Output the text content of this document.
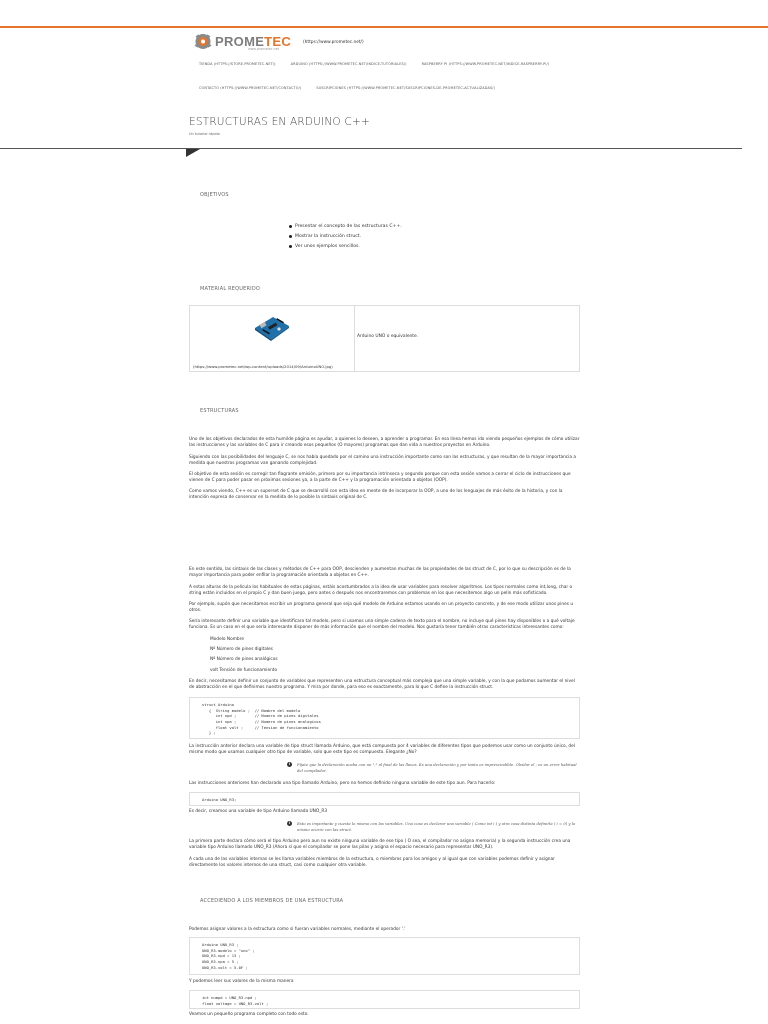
PROMETEC
www.prometec.net
(https://www.prometec.net/)
TIENDA (HTTPS://STORE.PROMETEC.NET/)	ARDUINO (HTTPS://WWW.PROMETEC.NET/INDICE-TUTORIALES/)	RASPBERRY PI (HTTPS://WWW.PROMETEC.NET/INDICE-RASPBERRY-PI/)
CONTACTO (HTTPS://WWW.PROMETEC.NET/CONTACTO/)	SUSCRIPCIONES (HTTPS://WWW.PROMETEC.NET/SUSCRIPCIONES-DE-PROMETEC-ACTUALIZADAS/)
ESTRUCTURAS EN ARDUINO C++
Un tutorial rápido
OBJETIVOS
Presentar el concepto de las estructuras C++.
Mostrar la instrucción struct.
Ver unos ejemplos sencillos.
MATERIAL REQUERIDO
(https://www.prometec.net/wp-content/uploads/2014/09/ArduinoUNO.jpg)
Arduino UNO o equivalente.
ESTRUCTURAS
Uno de los objetivos declarados de esta humilde página es ayudar, a quienes lo deseen, a aprender a programar. En esa línea hemos ido viendo pequeños ejemplos de cómo utilizar las instrucciones y las variables de C para ir creando esos pequeños (O mayores) programas que dan vida a nuestros proyectos en Arduino.
Siguiendo con las posibilidades del lenguaje C, se nos había quedado por el camino una instrucción importante como son las estructuras, y que resultan de la mayor importancia a medida que nuestros programas van ganando complejidad.
El objetivo de esta sesión es corregir tan flagrante omisión, primero por su importancia intrínseca y segundo porque con esta sesión vamos a cerrar el ciclo de instrucciones que vienen de C para poder pasar en próximas sesiones ya, a la parte de C++ y la programación orientada a objetos (OOP).
Como vamos viendo, C++ es un superset de C que se desarrolló con esta idea en mente de de incorporar la OOP, a uno de los lenguajes de más éxito de la historia, y con la intención expresa de conservar en la medida de lo posible la sintaxis original de C.
En este sentido, las sintaxis de las clases y métodos de C++ para OOP, descienden y aumentan muchas de las propiedades de las struct de C, por lo que su descripción es de la mayor importancia para poder enfilar la programación orientada a objetos en C++.
A estas alturas de la película los habituales de estas páginas, estáis acostumbrados a la idea de usar variables para resolver algoritmos. Los tipos normales como int,long, char o string están incluidos en el propio C y dan buen juego, pero antes o después nos encontraremos con problemas en los que necesitemos algo un pelín más sofisticado.
Por ejemplo, supón que necesitamos escribir un programa general que seja qué modelo de Arduino estamos usando en un proyecto concreto, y de ese modo utilizar unos pines u otros.
Sería interesante definir una variable que identificara tal modelo, pero si usamos una simple cadena de texto para el nombre, no incluye qué pines hay disponibles o a qué voltaje funciona. Es un caso en el que sería interesante disponer de más información que el nombre del modelo. Nos gustaría tener también otras características interesantes como:
Modelo Nombre
Nº Número de pines digitales
Nº Número de pines analógicos
volt Tensión de funcionamiento
En decir, necesitamos definir un conjunto de variables que representen una estructura conceptual más compleja que una simple variable, y con la que podamos aumentar el nivel de abstracción en el que definimos nuestro programa. Y mira por donde, para eso es exactamente, para lo que C define la instrucción struct.
struct Arduino
{  String modelo ;  // Nombre del modelo
int npd ;        // Numero de pines digitales
int npa ;        // Numero de pines analogicos
float volt ;     // Tension de funcionamiento
} ;
La instrucción anterior declara una variable de tipo struct llamada Arduino, que está compuesta por 4 variables de diferentes tipos que podemos usar como un conjunto único, del mismo modo que usamos cualquier otro tipo de variable, solo que este tipo es compuesto. Elegante ¿No?
i	Fíjate que la declaración acaba con un ";" al final de las llaves. Es una declaración y por tanto es imprescindible. Olvidar el ; es un error habitual del compilador.
Las instrucciones anteriores han declarado una tipo llamado Arduino, pero no hemos definido ninguna variable de este tipo aun. Para hacerlo:
Arduino UNO_R3;
Es decir, creamos una variable de tipo Arduino llamada UNO_R3
i	Esto es importante y cuesta lo mismo con las variables. Una cosa es declarar una variable ( Como int i ) y otra cosa distinta definirla ( i = 0) y lo mismo ocurre con las struct.
La primera parte declara cómo será el tipo Arduino pero aun no existe ninguna variable de ese tipo ( O sea, el compilador no asigna memoria) y la segunda instrucción crea una variable tipo Arduino llamado UNO_R3 (Ahora sí que el compilador se pone las pilas y asigna el espacio necesario para representar UNO_R3).
A cada una de las variables internas se les llama variables miembros de la estructura, o miembros para los amigos y al igual que con variables podemos definir y asignar directamente los valores internos de una struct, casi como cualquier otra variable.
ACCEDIENDO A LOS MIEMBROS DE UNA ESTRUCTURA
Podemos asignar valores a la estructura como si fueran variables normales, mediante el operador '.'
Arduino UNO_R3 ;
UNO_R3.modelo = "uno" ;
UNO_R3.npd = 13 ;
UNO_R3.npa = 5 ;
UNO_R3.volt = 5.0F ;
Y podemos leer sus valores de la misma manera
int numpd = UNO_R3.npd ;
float voltage = UNO_R3.volt ;
Veamos un pequeño programa completo con todo esto.
